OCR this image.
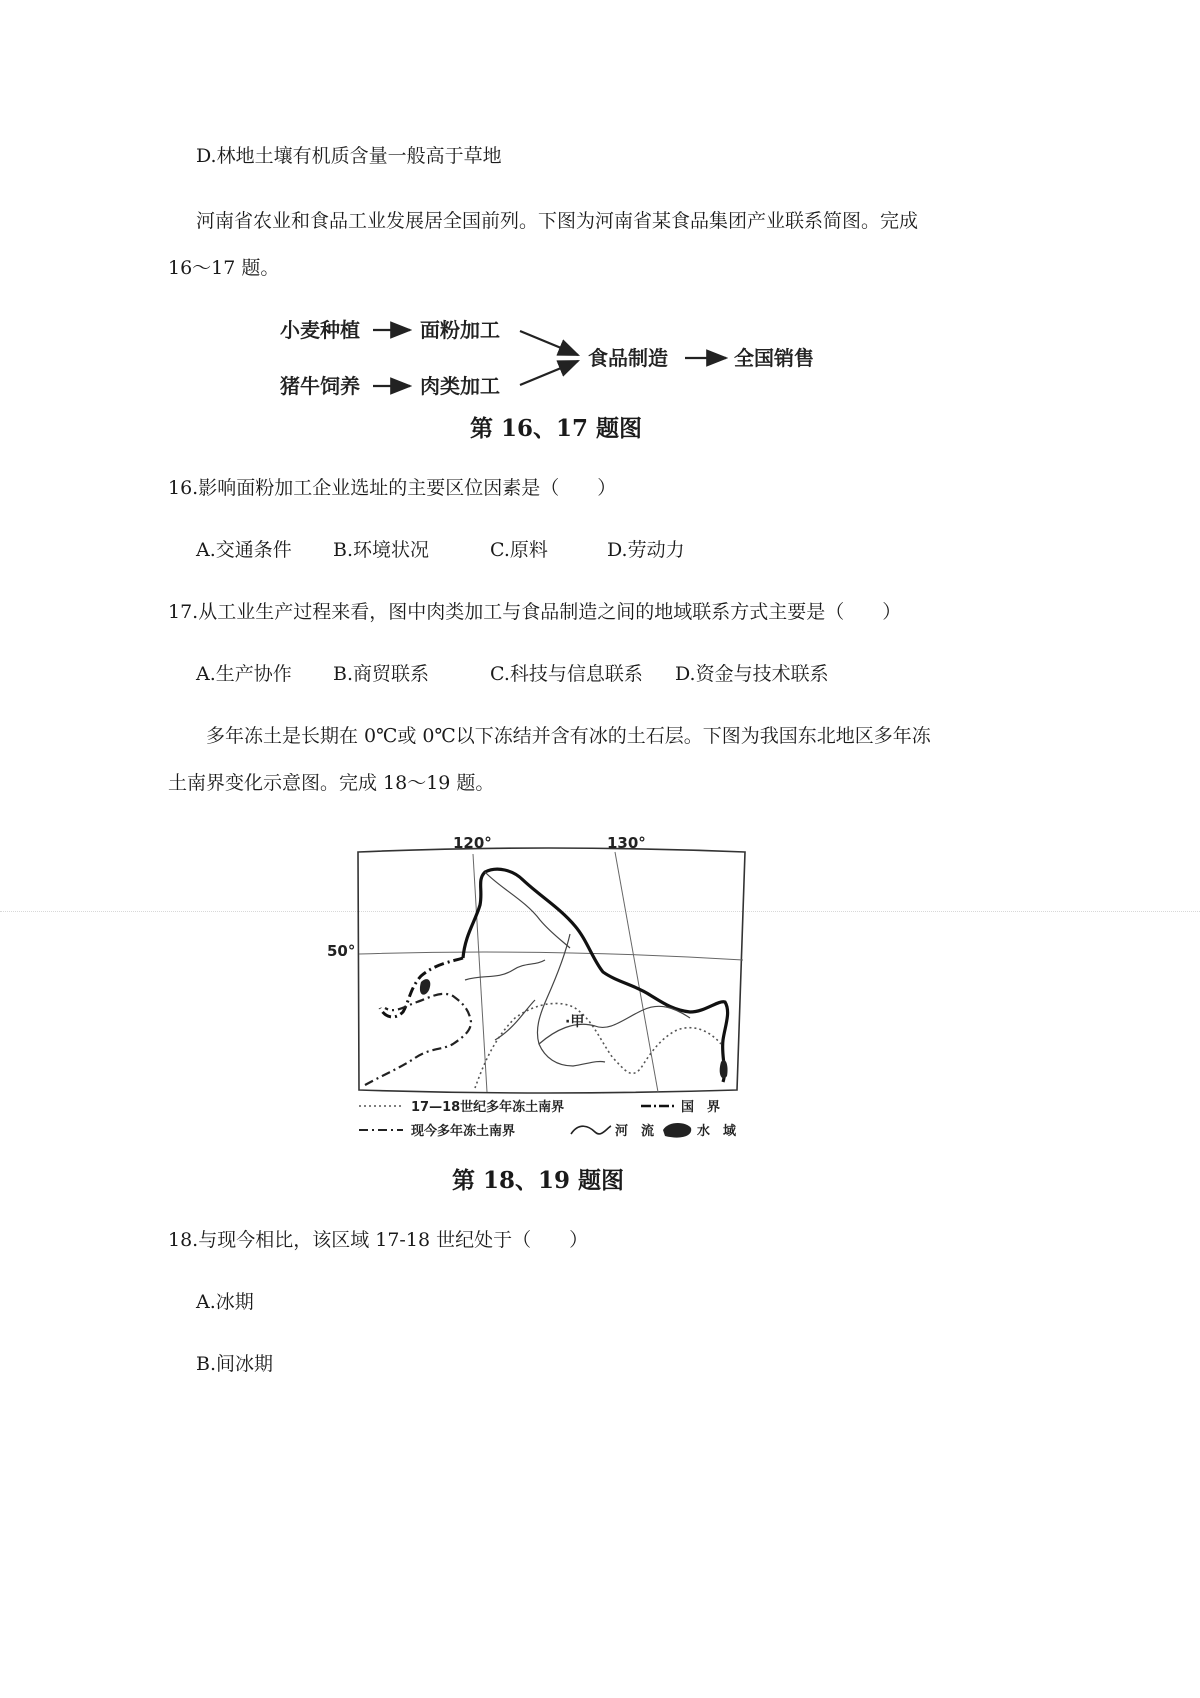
D.林地土壤有机质含量一般高于草地
河南省农业和食品工业发展居全国前列。下图为河南省某食品集团产业联系简图。完成
16～17 题。
小麦种植	面粉加工
猪牛饲养	肉类加工
食品制造	全国销售
第 16、17 题图
16.影响面粉加工企业选址的主要区位因素是（　　）
A.交通条件 B.环境状况	C.原料	D.劳动力
17.从工业生产过程来看，图中肉类加工与食品制造之间的地域联系方式主要是（　　）
A.生产协作 B.商贸联系	C.科技与信息联系 D.资金与技术联系
多年冻土是长期在 0℃或 0℃以下冻结并含有冰的土石层。下图为我国东北地区多年冻
土南界变化示意图。完成 18～19 题。
120°	130°
50°
·甲
17—18世纪多年冻土南界	国　界
现今多年冻土南界	河　流	水　域
第 18、19 题图
18.与现今相比，该区域 17-18 世纪处于（　　）
A.冰期
B.间冰期
